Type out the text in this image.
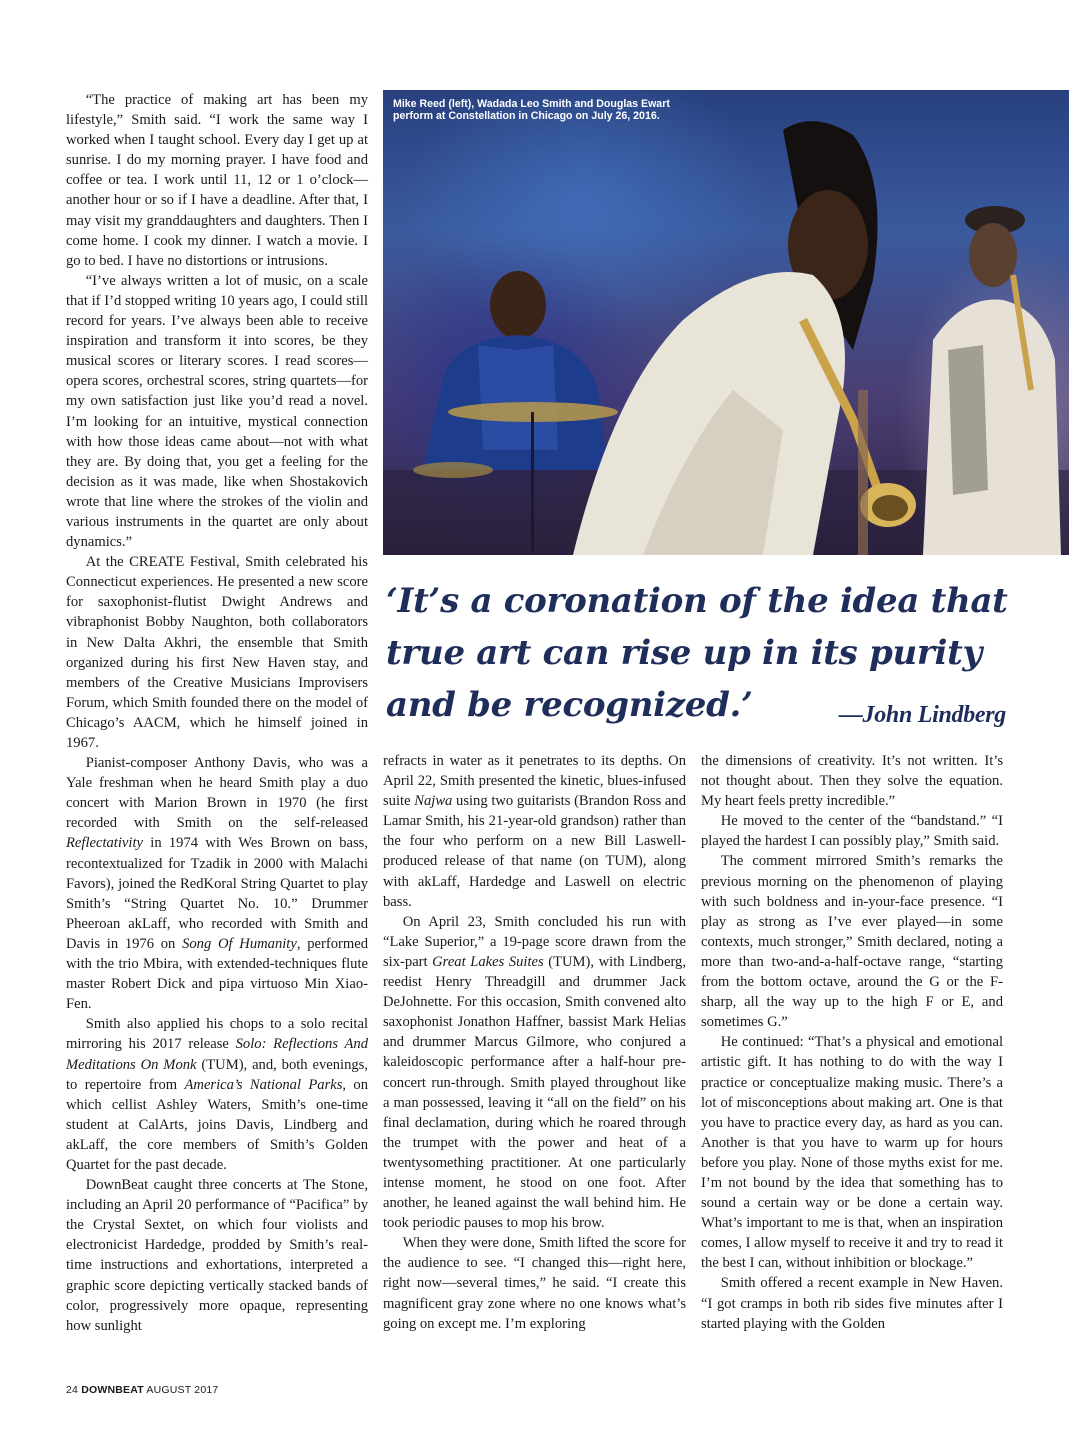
“The practice of making art has been my lifestyle,” Smith said. “I work the same way I worked when I taught school. Every day I get up at sunrise. I do my morning prayer. I have food and coffee or tea. I work until 11, 12 or 1 o’clock—another hour or so if I have a deadline. After that, I may visit my granddaughters and daughters. Then I come home. I cook my dinner. I watch a movie. I go to bed. I have no distortions or intrusions.

“I’ve always written a lot of music, on a scale that if I’d stopped writing 10 years ago, I could still record for years. I’ve always been able to receive inspiration and transform it into scores, be they musical scores or literary scores. I read scores—opera scores, orchestral scores, string quartets—for my own satisfaction just like you’d read a novel. I’m looking for an intuitive, mystical connection with how those ideas came about—not with what they are. By doing that, you get a feeling for the decision as it was made, like when Shostakovich wrote that line where the strokes of the violin and various instruments in the quartet are only about dynamics.”

At the CREATE Festival, Smith celebrated his Connecticut experiences. He presented a new score for saxophonist-flutist Dwight Andrews and vibraphonist Bobby Naughton, both collaborators in New Dalta Akhri, the ensemble that Smith organized during his first New Haven stay, and members of the Creative Musicians Improvisers Forum, which Smith founded there on the model of Chicago’s AACM, which he himself joined in 1967.

Pianist-composer Anthony Davis, who was a Yale freshman when he heard Smith play a duo concert with Marion Brown in 1970 (he first recorded with Smith on the self-released Reflectativity in 1974 with Wes Brown on bass, recontextualized for Tzadik in 2000 with Malachi Favors), joined the RedKoral String Quartet to play Smith’s “String Quartet No. 10.” Drummer Pheeroan akLaff, who recorded with Smith and Davis in 1976 on Song Of Humanity, performed with the trio Mbira, with extended-techniques flute master Robert Dick and pipa virtuoso Min Xiao-Fen.

Smith also applied his chops to a solo recital mirroring his 2017 release Solo: Reflections And Meditations On Monk (TUM), and, both evenings, to repertoire from America’s National Parks, on which cellist Ashley Waters, Smith’s one-time student at CalArts, joins Davis, Lindberg and akLaff, the core members of Smith’s Golden Quartet for the past decade.

DownBeat caught three concerts at The Stone, including an April 20 performance of “Pacifica” by the Crystal Sextet, on which four violists and electronicist Hardedge, prodded by Smith’s real-time instructions and exhortations, interpreted a graphic score depicting vertically stacked bands of color, progressively more opaque, representing how sunlight

Mike Reed (left), Wadada Leo Smith and Douglas Ewart
perform at Constellation in Chicago on July 26, 2016.
‘It’s a coronation of the idea that
true art can rise up in its purity
and be recognized.’	—John Lindberg

refracts in water as it penetrates to its depths. On April 22, Smith presented the kinetic, blues-infused suite Najwa using two guitarists (Brandon Ross and Lamar Smith, his 21-year-old grandson) rather than the four who perform on a new Bill Laswell-produced release of that name (on TUM), along with akLaff, Hardedge and Laswell on electric bass.

On April 23, Smith concluded his run with “Lake Superior,” a 19-page score drawn from the six-part Great Lakes Suites (TUM), with Lindberg, reedist Henry Threadgill and drummer Jack DeJohnette. For this occasion, Smith convened alto saxophonist Jonathon Haffner, bassist Mark Helias and drummer Marcus Gilmore, who conjured a kaleidoscopic performance after a half-hour pre-concert run-through. Smith played throughout like a man possessed, leaving it “all on the field” on his final declamation, during which he roared through the trumpet with the power and heat of a twentysomething practitioner. At one particularly intense moment, he stood on one foot. After another, he leaned against the wall behind him. He took periodic pauses to mop his brow.

When they were done, Smith lifted the score for the audience to see. “I changed this—right here, right now—several times,” he said. “I create this magnificent gray zone where no one knows what’s going on except me. I’m exploring

the dimensions of creativity. It’s not written. It’s not thought about. Then they solve the equation. My heart feels pretty incredible.”

He moved to the center of the “bandstand.” “I played the hardest I can possibly play,” Smith said.

The comment mirrored Smith’s remarks the previous morning on the phenomenon of playing with such boldness and in-your-face presence. “I play as strong as I’ve ever played—in some contexts, much stronger,” Smith declared, noting a more than two-and-a-half-octave range, “starting from the bottom octave, around the G or the F-sharp, all the way up to the high F or E, and sometimes G.”

He continued: “That’s a physical and emotional artistic gift. It has nothing to do with the way I practice or conceptualize making music. There’s a lot of misconceptions about making art. One is that you have to practice every day, as hard as you can. Another is that you have to warm up for hours before you play. None of those myths exist for me. I’m not bound by the idea that something has to sound a certain way or be done a certain way. What’s important to me is that, when an inspiration comes, I allow myself to receive it and try to read it the best I can, without inhibition or blockage.”

Smith offered a recent example in New Haven. “I got cramps in both rib sides five minutes after I started playing with the Golden

24 DOWNBEAT AUGUST 2017
